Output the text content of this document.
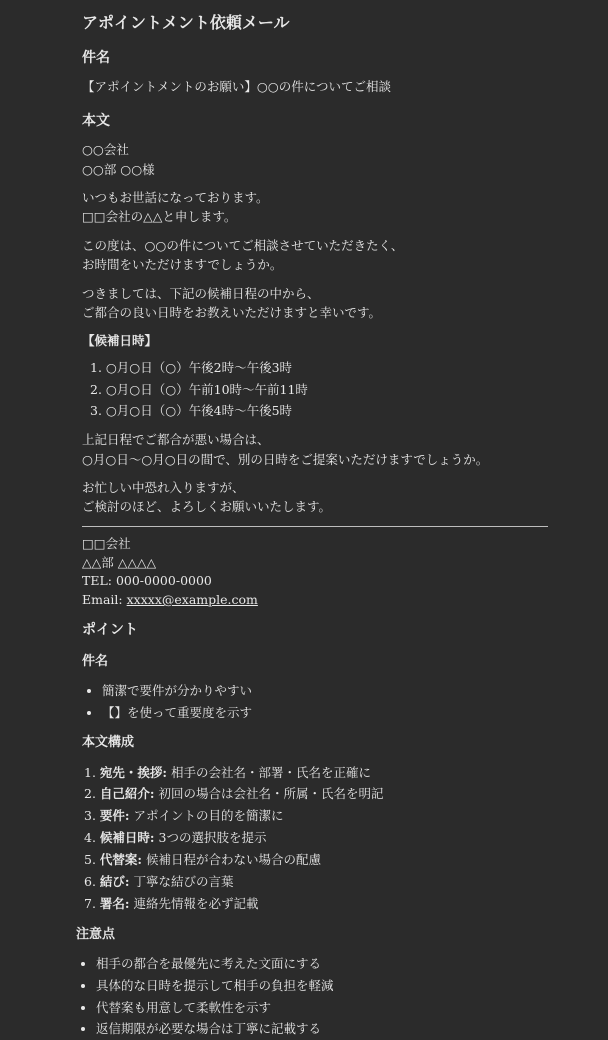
アポイントメント依頼メール
件名

【アポイントメントのお願い】○○の件についてご相談

本文

○○会社
○○部 ○○様

いつもお世話になっております。
□□会社の△△と申します。

この度は、○○の件についてご相談させていただきたく、
お時間をいただけますでしょうか。

つきましては、下記の候補日程の中から、
ご都合の良い日時をお教えいただけますと幸いです。

【候補日時】
1. ○月○日（○）午後2時〜午後3時
2. ○月○日（○）午前10時〜午前11時
3. ○月○日（○）午後4時〜午後5時

上記日程でご都合が悪い場合は、
○月○日〜○月○日の間で、別の日時をご提案いただけますでしょうか。

お忙しい中恐れ入りますが、
ご検討のほど、よろしくお願いいたします。

□□会社
△△部 △△△△
TEL: 000-0000-0000
Email: xxxxx@example.com
ポイント
件名
• 簡潔で要件が分かりやすい
• 【】を使って重要度を示す
本文構成
1. 宛先・挨拶: 相手の会社名・部署・氏名を正確に
2. 自己紹介: 初回の場合は会社名・所属・氏名を明記
3. 要件: アポイントの目的を簡潔に
4. 候補日時: 3つの選択肢を提示
5. 代替案: 候補日程が合わない場合の配慮
6. 結び: 丁寧な結びの言葉
7. 署名: 連絡先情報を必ず記載
注意点
• 相手の都合を最優先に考えた文面にする
• 具体的な日時を提示して相手の負担を軽減
• 代替案も用意して柔軟性を示す
• 返信期限が必要な場合は丁寧に記載する
